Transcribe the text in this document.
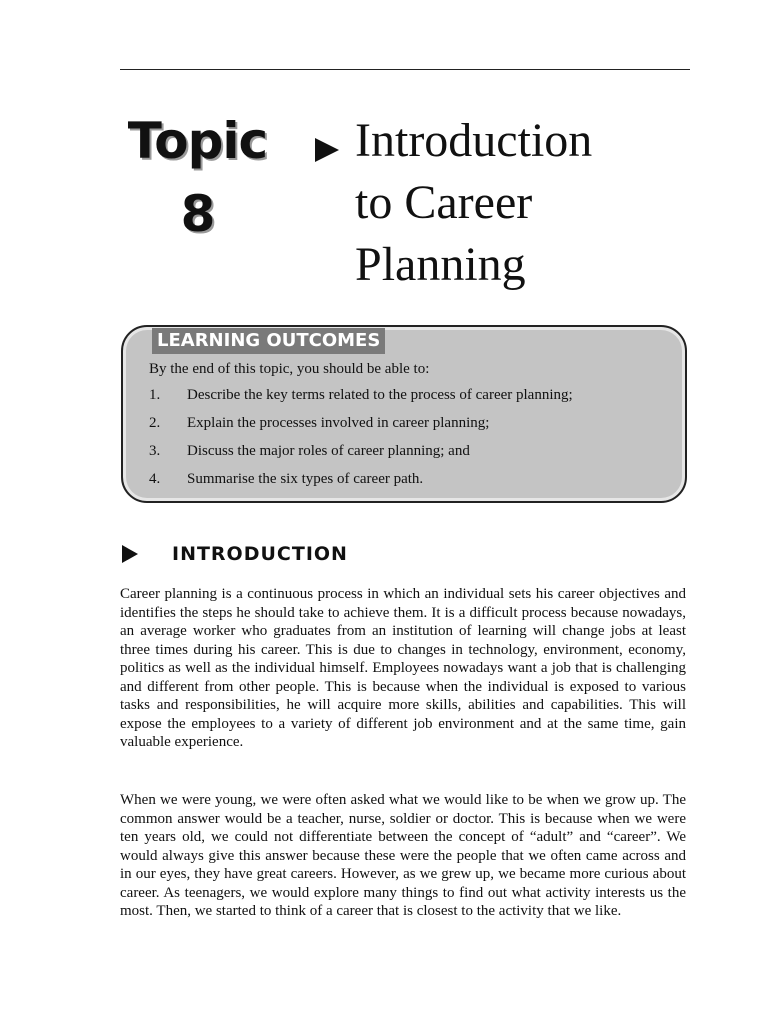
Topic
8
Introduction
to Career
Planning
LEARNING OUTCOMES
By the end of this topic, you should be able to:
1. Describe the key terms related to the process of career planning;
2. Explain the processes involved in career planning;
3. Discuss the major roles of career planning; and
4. Summarise the six types of career path.
INTRODUCTION

Career planning is a continuous process in which an individual sets his career objectives and identifies the steps he should take to achieve them. It is a difficult process because nowadays, an average worker who graduates from an institution of learning will change jobs at least three times during his career. This is due to changes in technology, environment, economy, politics as well as the individual himself. Employees nowadays want a job that is challenging and different from other people. This is because when the individual is exposed to various tasks and responsibilities, he will acquire more skills, abilities and capabilities. This will expose the employees to a variety of different job environment and at the same time, gain valuable experience.

When we were young, we were often asked what we would like to be when we grow up. The common answer would be a teacher, nurse, soldier or doctor. This is because when we were ten years old, we could not differentiate between the concept of “adult” and “career”. We would always give this answer because these were the people that we often came across and in our eyes, they have great careers. However, as we grew up, we became more curious about career. As teenagers, we would explore many things to find out what activity interests us the most. Then, we started to think of a career that is closest to the activity that we like.
